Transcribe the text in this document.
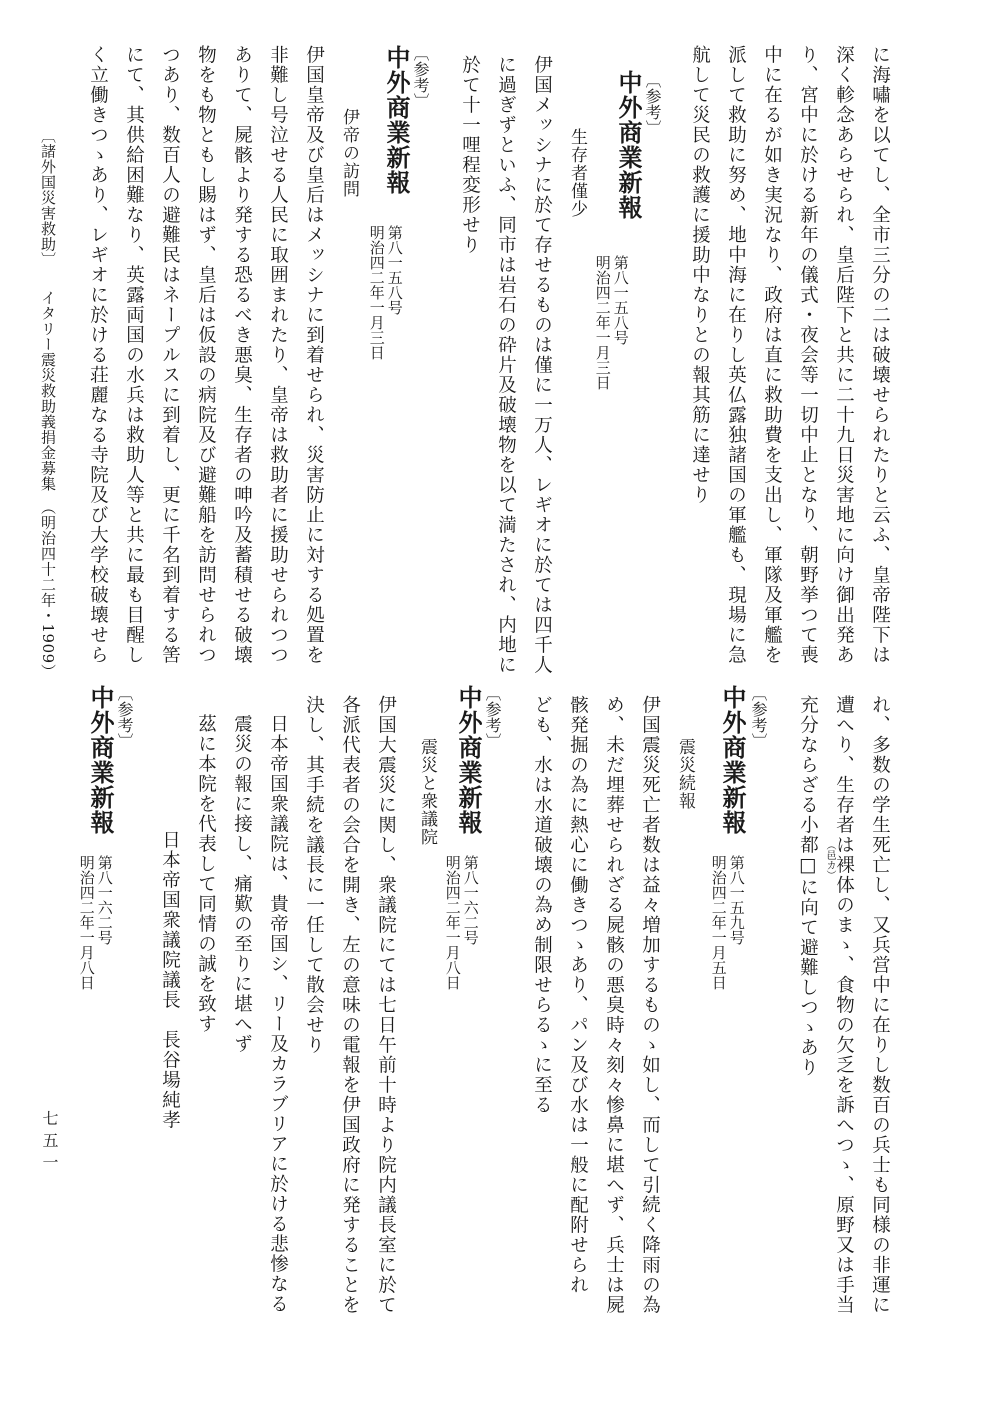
に海嘯を以てし、全市三分の二は破壊せられたりと云ふ、皇帝陛下は

深く軫念あらせられ、皇后陛下と共に二十九日災害地に向け御出発あ

り、宮中に於ける新年の儀式・夜会等一切中止となり、朝野挙つて喪

中に在るが如き実況なり、政府は直に救助費を支出し、軍隊及軍艦を

派して救助に努め、地中海に在りし英仏露独諸国の軍艦も、現場に急

航して災民の救護に援助中なりとの報其筋に達せり

〔参考〕
中外商業新報
第八一五八号
明治四二年一月三日
生存者僅少

伊国メッシナに於て存せるものは僅に一万人、レギオに於ては四千人

に過ぎずといふ、同市は岩石の砕片及破壊物を以て満たされ、内地に

於て十一哩程変形せり

〔参考〕
中外商業新報
第八一五八号
明治四二年一月三日
伊帝の訪問

伊国皇帝及び皇后はメッシナに到着せられ、災害防止に対する処置を

非難し号泣せる人民に取囲まれたり、皇帝は救助者に援助せられつつ

ありて、屍骸より発する恐るべき悪臭、生存者の呻吟及蓄積せる破壊

物をも物ともし賜はず、皇后は仮設の病院及び避難船を訪問せられつ

つあり、数百人の避難民はネープルスに到着し、更に千名到着する筈

にて、其供給困難なり、英露両国の水兵は救助人等と共に最も目醒し

く立働きつゝあり、レギオに於ける荘麗なる寺院及び大学校破壊せら

れ、多数の学生死亡し、又兵営中に在りし数百の兵士も同様の非運に

遭へり、生存者は裸体のまゝ、食物の欠乏を訴へつゝ、原野又は手当

充分ならざる小都□に向て避難しつゝあり

（邑カ）
〔参考〕
中外商業新報
第八一五九号
明治四二年一月五日
震災続報

伊国震災死亡者数は益々増加するものゝ如し、而して引続く降雨の為

め、未だ埋葬せられざる屍骸の悪臭時々刻々惨鼻に堪へず、兵士は屍

骸発掘の為に熱心に働きつゝあり、パン及び水は一般に配附せられ

ども、水は水道破壊の為め制限せらるゝに至る

〔参考〕
中外商業新報
第八一六二号
明治四二年一月八日
震災と衆議院

伊国大震災に関し、衆議院にては七日午前十時より院内議長室に於て

各派代表者の会合を開き、左の意味の電報を伊国政府に発することを

決し、其手続を議長に一任して散会せり

日本帝国衆議院は、貴帝国シ、リー及カラブリアに於ける悲惨なる

震災の報に接し、痛歎の至りに堪へず

茲に本院を代表して同情の誠を致す

日本帝国衆議院議長　長谷場純孝

〔参考〕
中外商業新報
第八一六二号
明治四二年一月八日
〔諸外国災害救助〕
イタリー震災救助義捐金募集　（明治四十二年・1909）
七五一
